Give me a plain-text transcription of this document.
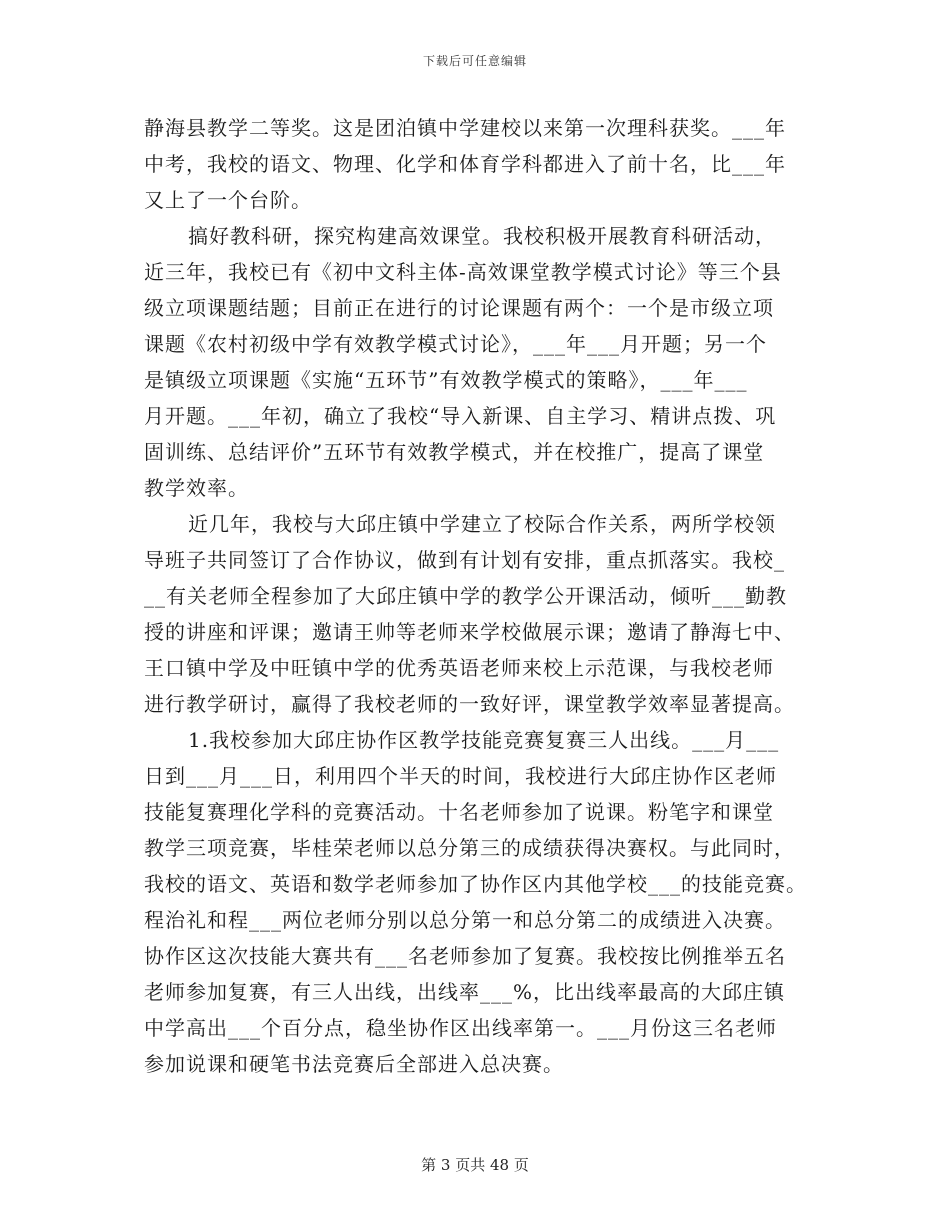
下载后可任意编辑
静海县教学二等奖。这是团泊镇中学建校以来第一次理科获奖。___年
中考，我校的语文、物理、化学和体育学科都进入了前十名，比___年
又上了一个台阶。
搞好教科研，探究构建高效课堂。我校积极开展教育科研活动，
近三年，我校已有《初中文科主体-高效课堂教学模式讨论》等三个县
级立项课题结题；目前正在进行的讨论课题有两个：一个是市级立项
课题《农村初级中学有效教学模式讨论》，___年___月开题；另一个
是镇级立项课题《实施“五环节”有效教学模式的策略》，___年___
月开题。___年初，确立了我校“导入新课、自主学习、精讲点拨、巩
固训练、总结评价”五环节有效教学模式，并在校推广，提高了课堂
教学效率。
近几年，我校与大邱庄镇中学建立了校际合作关系，两所学校领
导班子共同签订了合作协议，做到有计划有安排，重点抓落实。我校_
__有关老师全程参加了大邱庄镇中学的教学公开课活动，倾听___勤教
授的讲座和评课；邀请王帅等老师来学校做展示课；邀请了静海七中、
王口镇中学及中旺镇中学的优秀英语老师来校上示范课，与我校老师
进行教学研讨，赢得了我校老师的一致好评，课堂教学效率显著提高。
1.我校参加大邱庄协作区教学技能竞赛复赛三人出线。___月___
日到___月___日，利用四个半天的时间，我校进行大邱庄协作区老师
技能复赛理化学科的竞赛活动。十名老师参加了说课。粉笔字和课堂
教学三项竞赛，毕桂荣老师以总分第三的成绩获得决赛权。与此同时，
我校的语文、英语和数学老师参加了协作区内其他学校___的技能竞赛。
程治礼和程___两位老师分别以总分第一和总分第二的成绩进入决赛。
协作区这次技能大赛共有___名老师参加了复赛。我校按比例推举五名
老师参加复赛，有三人出线，出线率___%，比出线率最高的大邱庄镇
中学高出___个百分点，稳坐协作区出线率第一。___月份这三名老师
参加说课和硬笔书法竞赛后全部进入总决赛。
第 3 页共 48 页
